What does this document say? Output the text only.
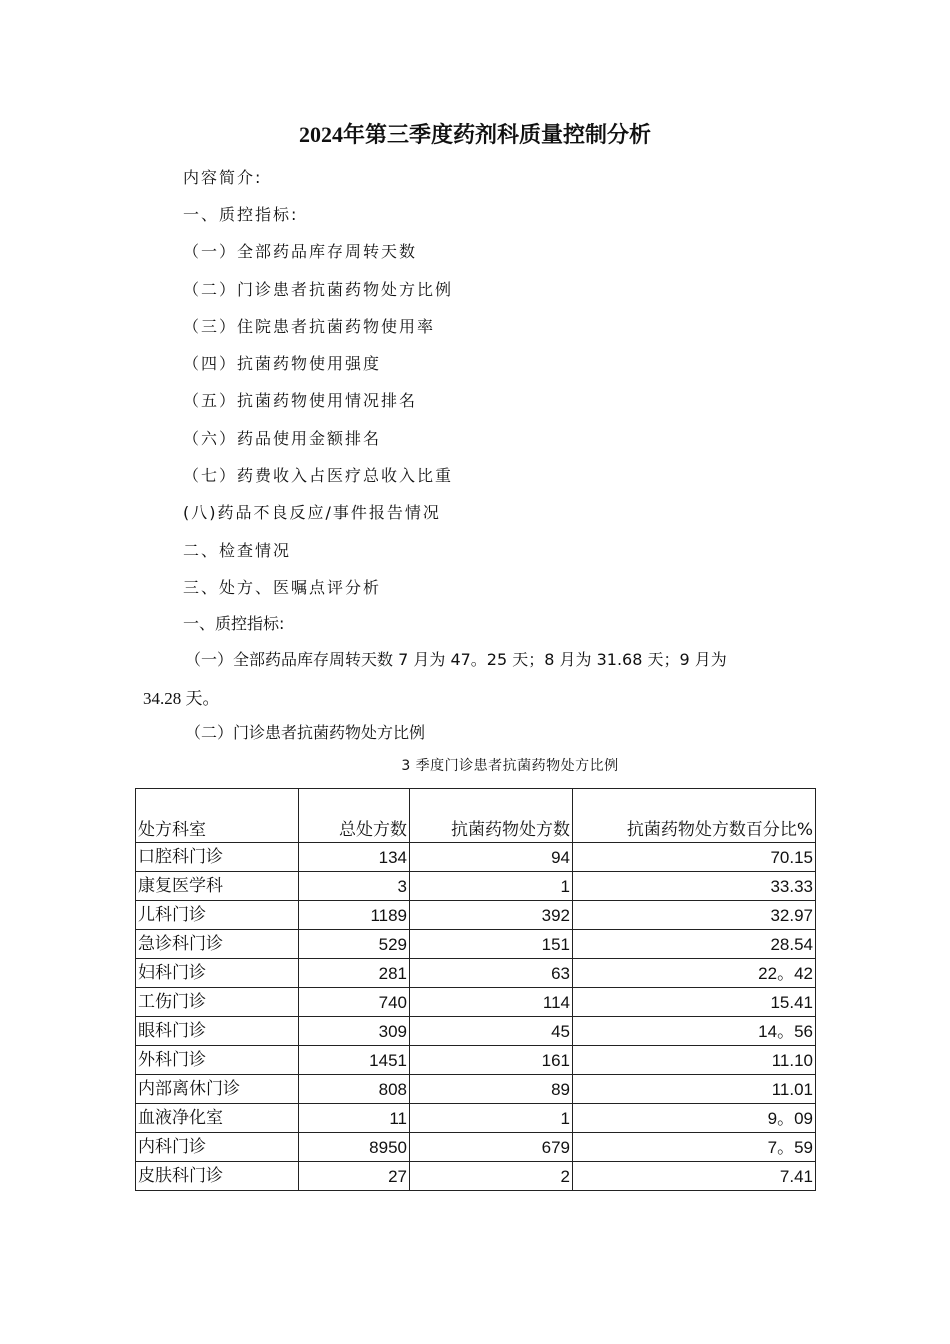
2024年第三季度药剂科质量控制分析
内容简介:
一、质控指标:
（一）全部药品库存周转天数
（二）门诊患者抗菌药物处方比例
（三）住院患者抗菌药物使用率
（四）抗菌药物使用强度
（五）抗菌药物使用情况排名
（六）药品使用金额排名
（七）药费收入占医疗总收入比重
(八)药品不良反应/事件报告情况
二、检查情况
三、处方、医嘱点评分析
一、质控指标:
（一）全部药品库存周转天数 7 月为 47。25 天；8 月为 31.68 天；9 月为
34.28 天。
（二）门诊患者抗菌药物处方比例
3 季度门诊患者抗菌药物处方比例
处方科室	总处方数	抗菌药物处方数	抗菌药物处方数百分比%
口腔科门诊	134	94	70.15
康复医学科	3	1	33.33
儿科门诊	1189	392	32.97
急诊科门诊	529	151	28.54
妇科门诊	281	63	22。42
工伤门诊	740	114	15.41
眼科门诊	309	45	14。56
外科门诊	1451	161	11.10
内部离休门诊	808	89	11.01
血液净化室	11	1	9。09
内科门诊	8950	679	7。59
皮肤科门诊	27	2	7.41
